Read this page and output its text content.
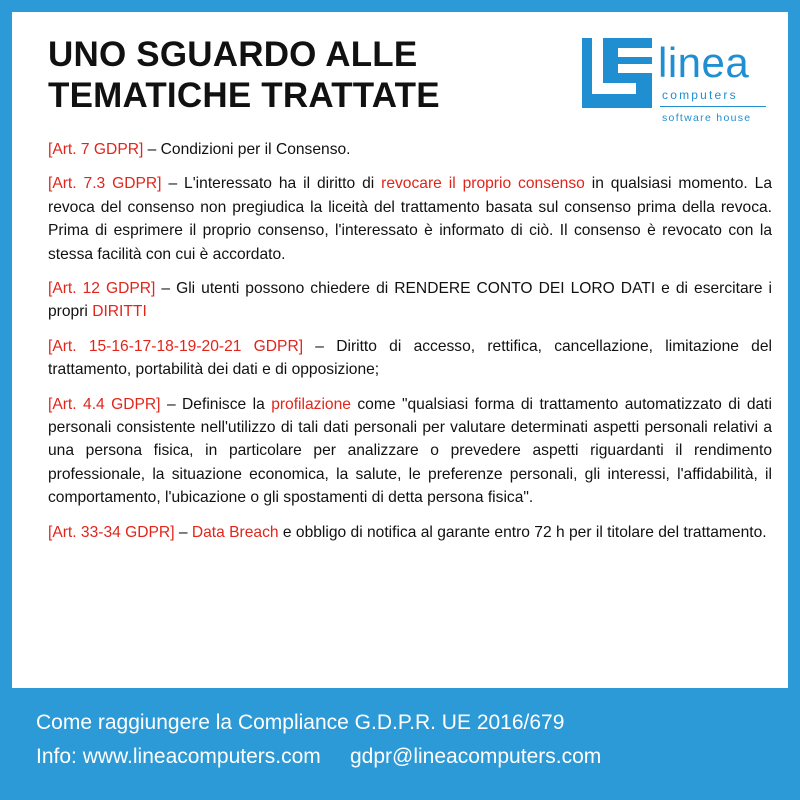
UNO SGUARDO ALLE
TEMATICHE TRATTATE
linea
computers
software house

[Art. 7 GDPR] – Condizioni per il Consenso.

[Art. 7.3 GDPR] – L'interessato ha il diritto di revocare il proprio consenso in qualsiasi momento. La revoca del consenso non pregiudica la liceità del trattamento basata sul consenso prima della revoca. Prima di esprimere il proprio consenso, l'interessato è informato di ciò. Il consenso è revocato con la stessa facilità con cui è accordato.

[Art. 12 GDPR] – Gli utenti possono chiedere di RENDERE CONTO DEI LORO DATI e di esercitare i propri DIRITTI

[Art. 15-16-17-18-19-20-21 GDPR] – Diritto di accesso, rettifica, cancellazione, limitazione del trattamento, portabilità dei dati e di opposizione;

[Art. 4.4 GDPR] – Definisce la profilazione come "qualsiasi forma di trattamento automatizzato di dati personali consistente nell'utilizzo di tali dati personali per valutare determinati aspetti personali relativi a una persona fisica, in particolare per analizzare o prevedere aspetti riguardanti il rendimento professionale, la situazione economica, la salute, le preferenze personali, gli interessi, l'affidabilità, il comportamento, l'ubicazione o gli spostamenti di detta persona fisica".

[Art. 33-34 GDPR] – Data Breach e obbligo di notifica al garante entro 72 h per il titolare del trattamento.

Come raggiungere la Compliance G.D.P.R. UE 2016/679
Info: www.lineacomputers.com gdpr@lineacomputers.com
